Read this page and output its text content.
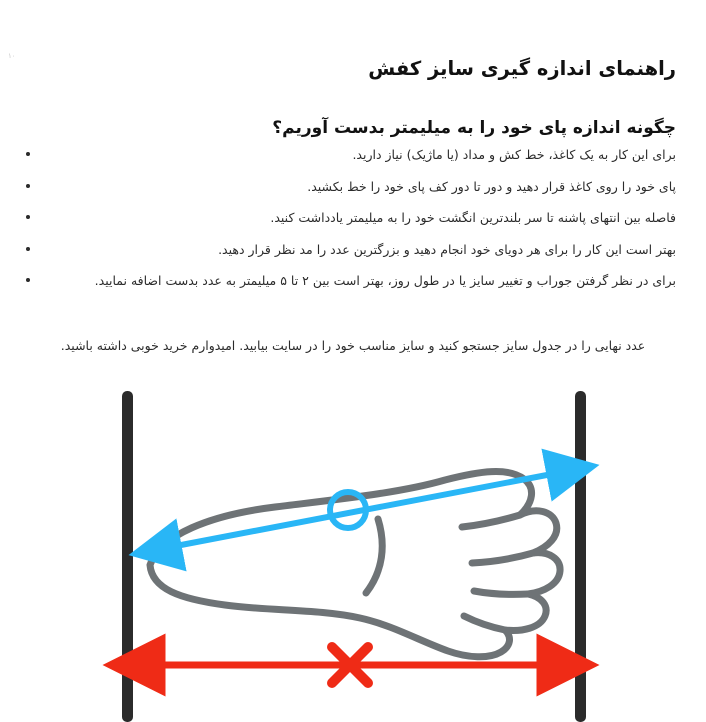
١٠
راهنمای اندازه گیری سایز کفش
چگونه اندازه پای خود را به میلیمتر بدست آوریم؟
برای این کار به یک کاغذ، خط کش و مداد (یا ماژیک) نیاز دارید.
پای خود را روی کاغذ قرار دهید و دور تا دور کف پای خود را خط بکشید.
فاصله بین انتهای پاشنه تا سر بلندترین انگشت خود را به میلیمتر یادداشت کنید.
بهتر است این کار را برای هر دویای خود انجام دهید و بزرگترین عدد را مد نظر قرار دهید.
برای در نظر گرفتن جوراب و تغییر سایز یا در طول روز، بهتر است بین ۲ تا ۵ میلیمتر به عدد بدست اضافه نمایید.

عدد نهایی را در جدول سایز جستجو کنید و سایز مناسب خود را در سایت بیابید. امیدوارم خرید خوبی داشته باشید.
